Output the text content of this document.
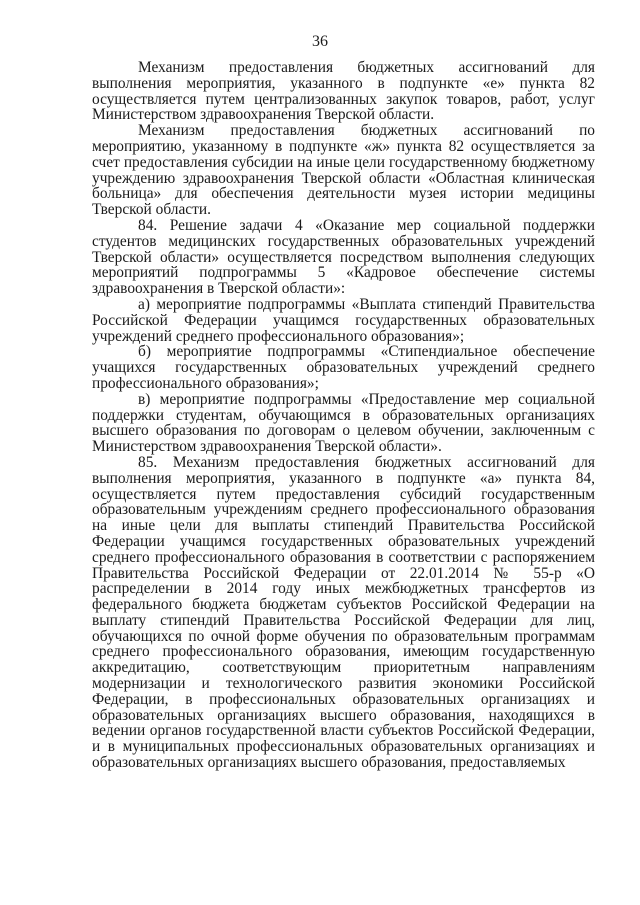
36

Механизм предоставления бюджетных ассигнований для выполнения мероприятия, указанного в подпункте «е» пункта 82 осуществляется путем централизованных закупок товаров, работ, услуг Министерством здравоохранения Тверской области.

Механизм предоставления бюджетных ассигнований по мероприятию, указанному в подпункте «ж» пункта 82 осуществляется за счет предоставления субсидии на иные цели государственному бюджетному учреждению здравоохранения Тверской области «Областная клиническая больница» для обеспечения деятельности музея истории медицины Тверской области.

84. Решение задачи 4 «Оказание мер социальной поддержки студентов медицинских государственных образовательных учреждений Тверской области» осуществляется посредством выполнения следующих мероприятий подпрограммы 5 «Кадровое обеспечение системы здравоохранения в Тверской области»:

а) мероприятие подпрограммы «Выплата стипендий Правительства Российской Федерации учащимся государственных образовательных учреждений среднего профессионального образования»;

б) мероприятие подпрограммы «Стипендиальное обеспечение учащихся государственных образовательных учреждений среднего профессионального образования»;

в) мероприятие подпрограммы «Предоставление мер социальной поддержки студентам, обучающимся в образовательных организациях высшего образования по договорам о целевом обучении, заключенным с Министерством здравоохранения Тверской области».

85. Механизм предоставления бюджетных ассигнований для выполнения мероприятия, указанного в подпункте «а» пункта 84, осуществляется путем предоставления субсидий государственным образовательным учреждениям среднего профессионального образования на иные цели для выплаты стипендий Правительства Российской Федерации учащимся государственных образовательных учреждений среднего профессионального образования в соответствии с распоряжением Правительства Российской Федерации от 22.01.2014 № 55-р «О распределении в 2014 году иных межбюджетных трансфертов из федерального бюджета бюджетам субъектов Российской Федерации на выплату стипендий Правительства Российской Федерации для лиц, обучающихся по очной форме обучения по образовательным программам среднего профессионального образования, имеющим государственную аккредитацию, соответствующим приоритетным направлениям модернизации и технологического развития экономики Российской Федерации, в профессиональных образовательных организациях и образовательных организациях высшего образования, находящихся в ведении органов государственной власти субъектов Российской Федерации, и в муниципальных профессиональных образовательных организациях и образовательных организациях высшего образования, предоставляемых
